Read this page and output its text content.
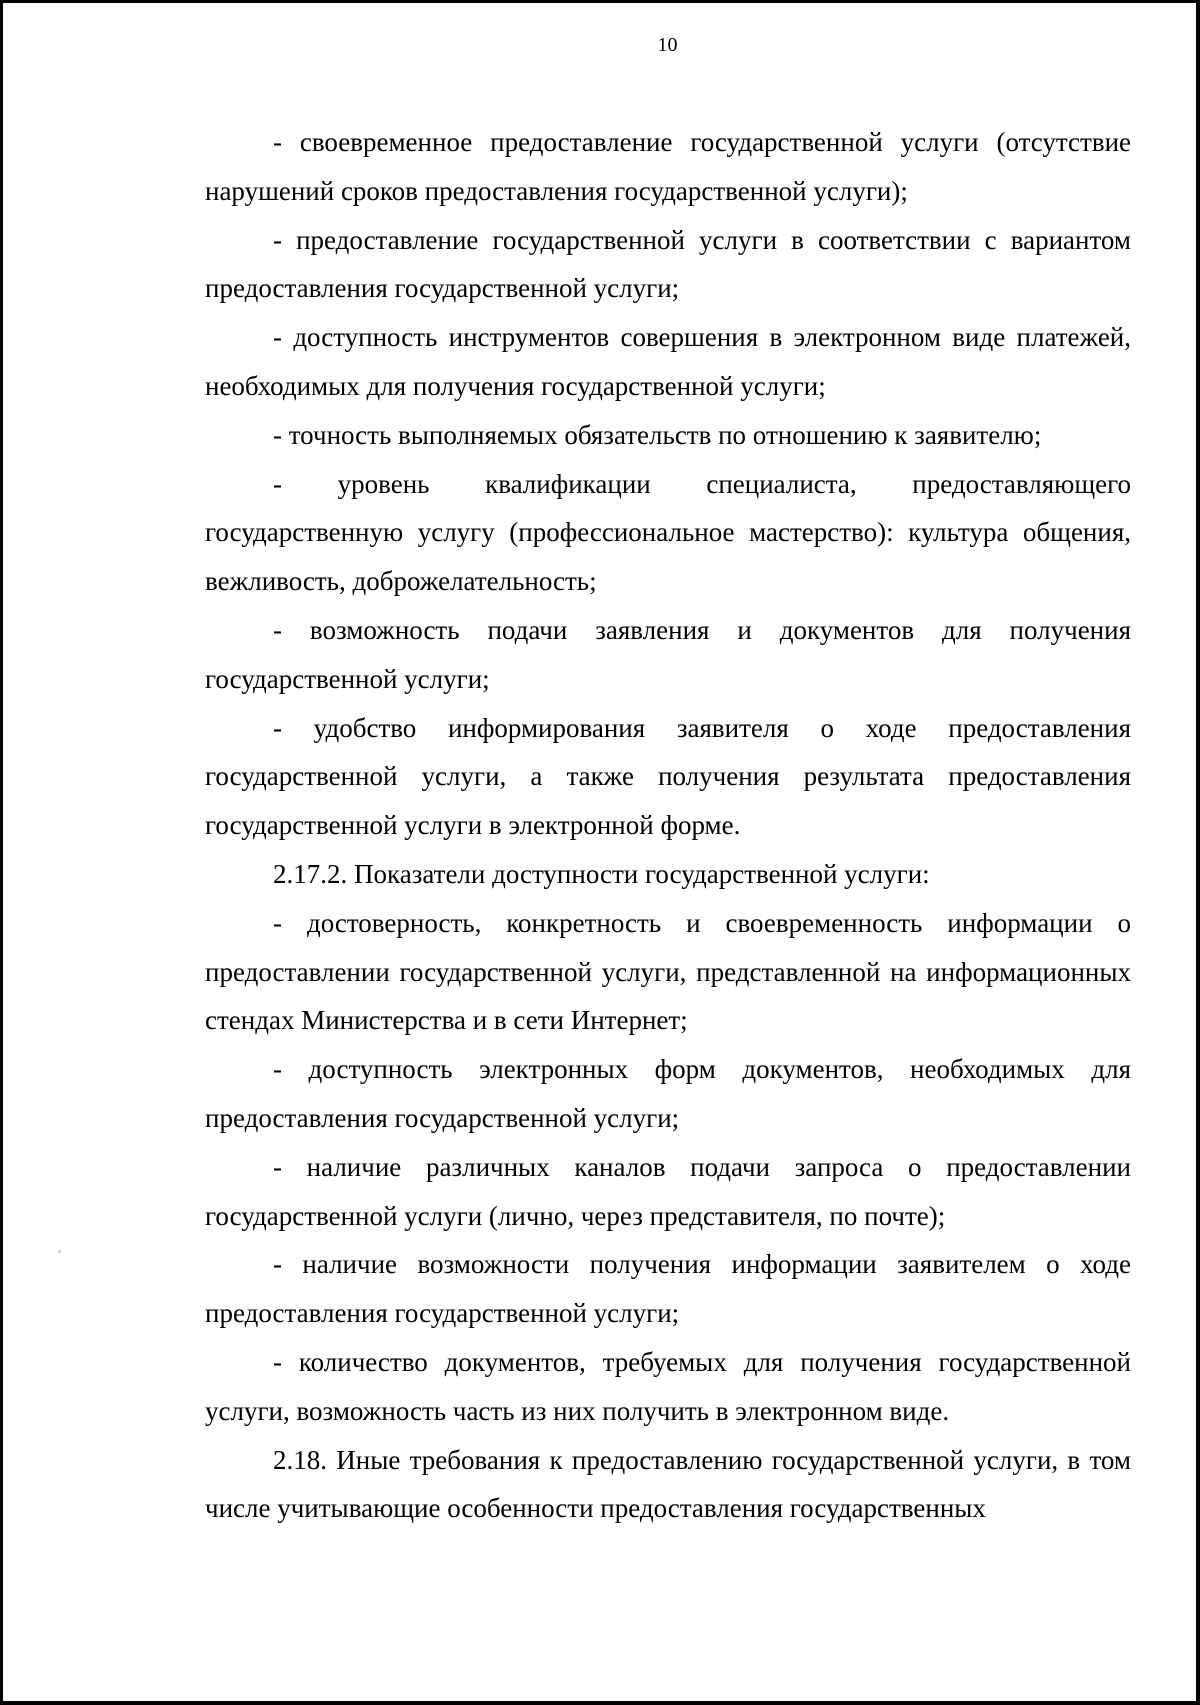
10

- своевременное предоставление государственной услуги (отсутствие нарушений сроков предоставления государственной услуги);

- предоставление государственной услуги в соответствии с вариантом предоставления государственной услуги;

- доступность инструментов совершения в электронном виде платежей, необходимых для получения государственной услуги;

- точность выполняемых обязательств по отношению к заявителю;

- уровень квалификации специалиста, предоставляющего государственную услугу (профессиональное мастерство): культура общения, вежливость, доброжелательность;

- возможность подачи заявления и документов для получения государственной услуги;

- удобство информирования заявителя о ходе предоставления государственной услуги, а также получения результата предоставления государственной услуги в электронной форме.

2.17.2. Показатели доступности государственной услуги:

- достоверность, конкретность и своевременность информации о предоставлении государственной услуги, представленной на информационных стендах Министерства и в сети Интернет;

- доступность электронных форм документов, необходимых для предоставления государственной услуги;

- наличие различных каналов подачи запроса о предоставлении государственной услуги (лично, через представителя, по почте);

- наличие возможности получения информации заявителем о ходе предоставления государственной услуги;

- количество документов, требуемых для получения государственной услуги, возможность часть из них получить в электронном виде.

2.18. Иные требования к предоставлению государственной услуги, в том числе учитывающие особенности предоставления государственных
